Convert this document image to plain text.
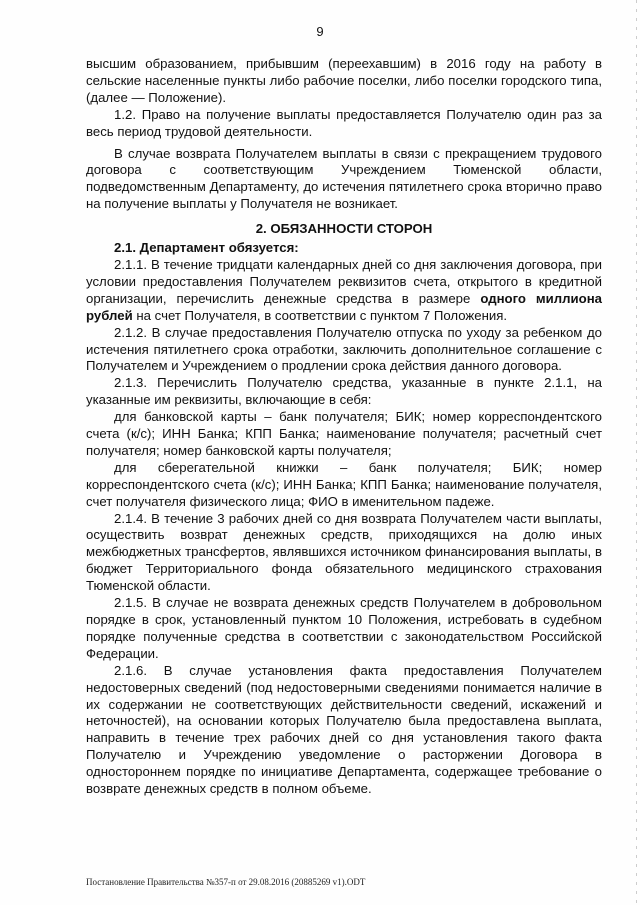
9

высшим образованием, прибывшим (переехавшим) в 2016 году на работу в сельские населенные пункты либо рабочие поселки, либо поселки городского типа, (далее — Положение).

1.2. Право на получение выплаты предоставляется Получателю один раз за весь период трудовой деятельности.

В случае возврата Получателем выплаты в связи с прекращением трудового договора с соответствующим Учреждением Тюменской области, подведомственным Департаменту, до истечения пятилетнего срока вторично право на получение выплаты у Получателя не возникает.

2. ОБЯЗАННОСТИ СТОРОН

2.1. Департамент обязуется:

2.1.1. В течение тридцати календарных дней со дня заключения договора, при условии предоставления Получателем реквизитов счета, открытого в кредитной организации, перечислить денежные средства в размере одного миллиона рублей на счет Получателя, в соответствии с пунктом 7 Положения.

2.1.2. В случае предоставления Получателю отпуска по уходу за ребенком до истечения пятилетнего срока отработки, заключить дополнительное соглашение с Получателем и Учреждением о продлении срока действия данного договора.

2.1.3. Перечислить Получателю средства, указанные в пункте 2.1.1, на указанные им реквизиты, включающие в себя:

для банковской карты – банк получателя; БИК; номер корреспондентского счета (к/с); ИНН Банка; КПП Банка; наименование получателя; расчетный счет получателя; номер банковской карты получателя;

для сберегательной книжки – банк получателя; БИК; номер корреспондентского счета (к/с); ИНН Банка; КПП Банка; наименование получателя, счет получателя физического лица; ФИО в именительном падеже.

2.1.4. В течение 3 рабочих дней со дня возврата Получателем части выплаты, осуществить возврат денежных средств, приходящихся на долю иных межбюджетных трансфертов, являвшихся источником финансирования выплаты, в бюджет Территориального фонда обязательного медицинского страхования Тюменской области.

2.1.5. В случае не возврата денежных средств Получателем в добровольном порядке в срок, установленный пунктом 10 Положения, истребовать в судебном порядке полученные средства в соответствии с законодательством Российской Федерации.

2.1.6. В случае установления факта предоставления Получателем недостоверных сведений (под недостоверными сведениями понимается наличие в их содержании не соответствующих действительности сведений, искажений и неточностей), на основании которых Получателю была предоставлена выплата, направить в течение трех рабочих дней со дня установления такого факта Получателю и Учреждению уведомление о расторжении Договора в одностороннем порядке по инициативе Департамента, содержащее требование о возврате денежных средств в полном объеме.

Постановление Правительства №357-п от 29.08.2016 (20885269 v1).ODT
